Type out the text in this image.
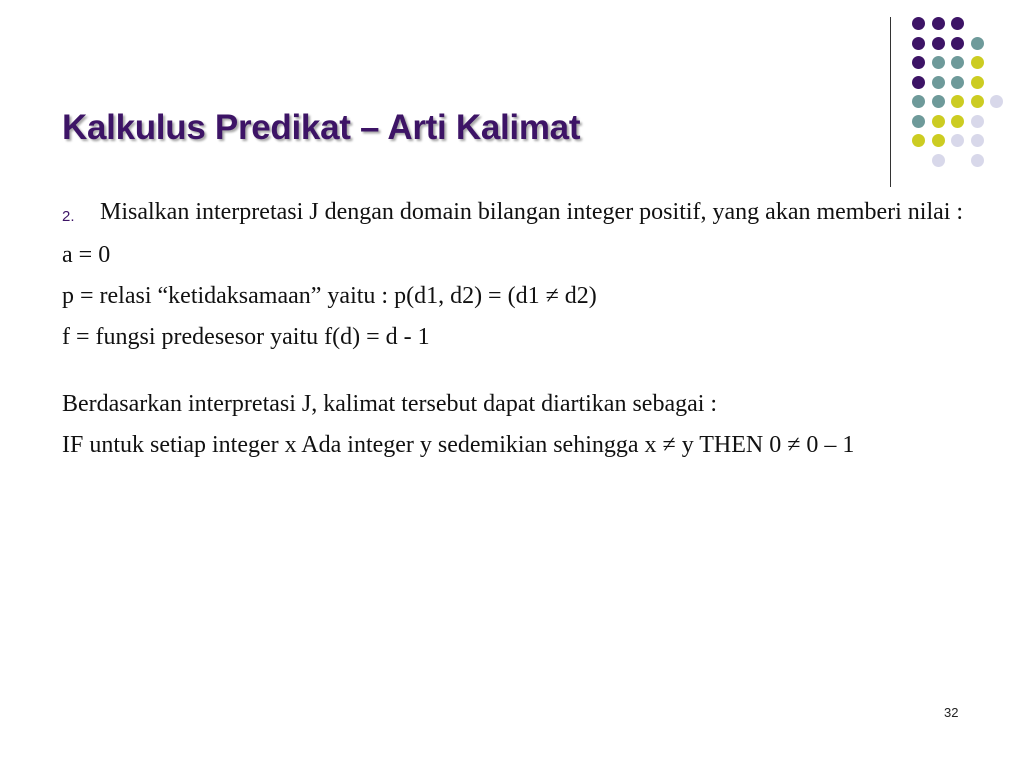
Kalkulus Predikat – Arti Kalimat
2. Misalkan interpretasi J dengan domain bilangan integer positif, yang akan memberi nilai :
a = 0
p = relasi “ketidaksamaan” yaitu : p(d1, d2) = (d1 ≠ d2)
f = fungsi predesesor yaitu f(d) = d - 1
Berdasarkan interpretasi J, kalimat tersebut dapat diartikan sebagai :
IF untuk setiap integer x Ada integer y sedemikian sehingga x ≠ y THEN 0 ≠ 0 – 1
32
